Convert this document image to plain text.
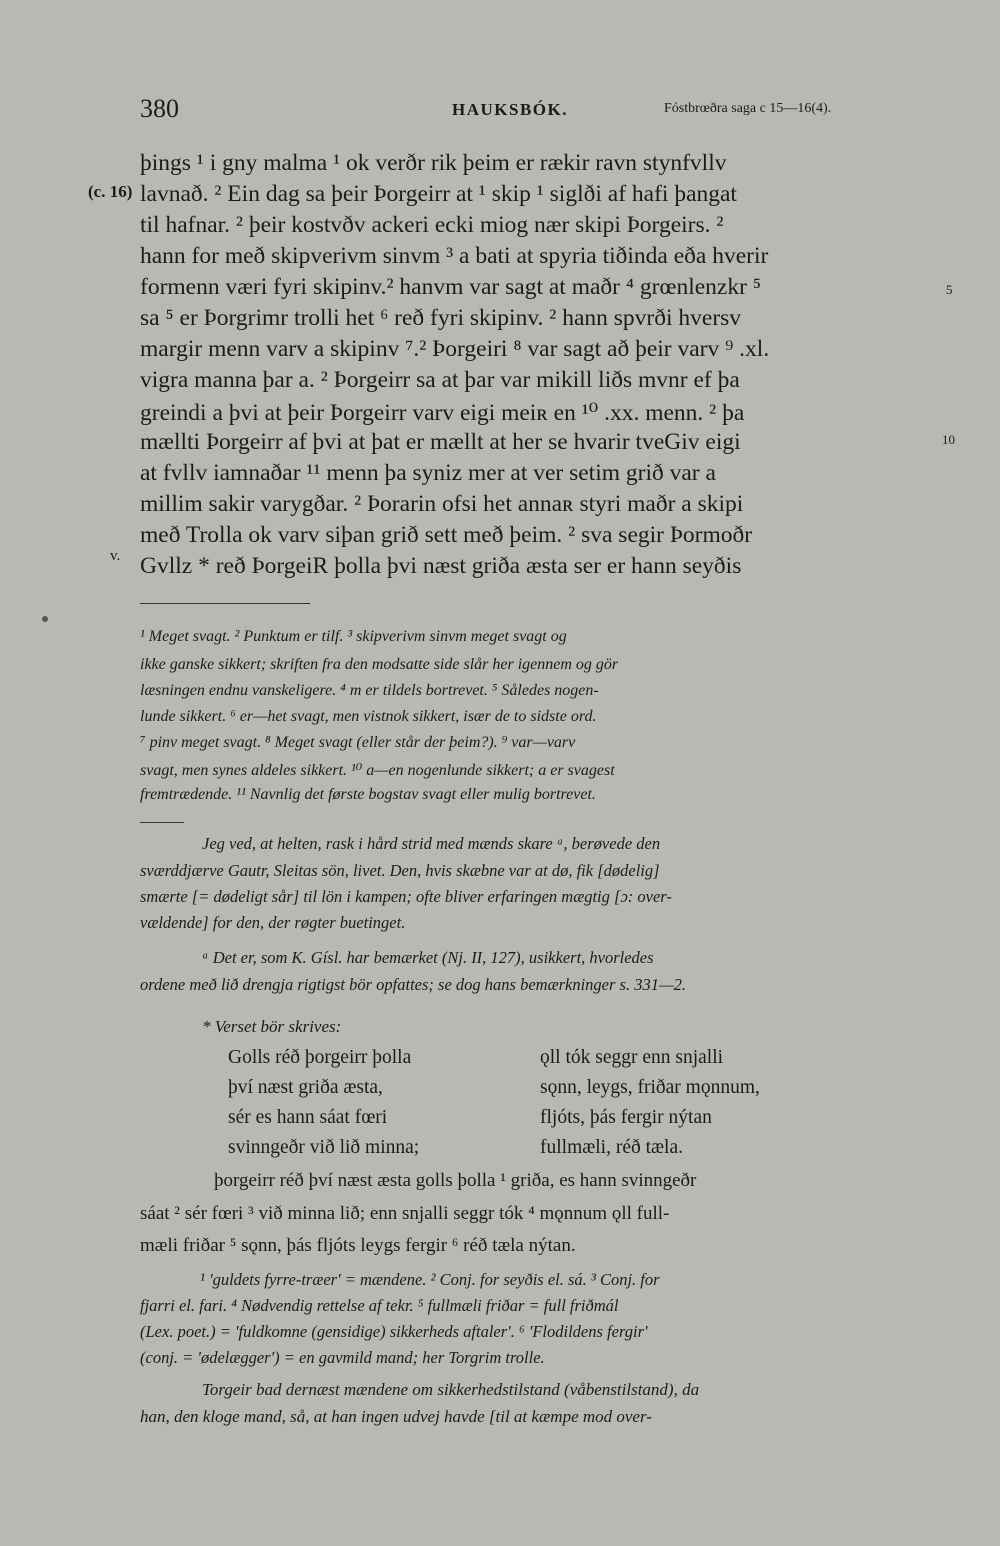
380	HAUKSBÓK.	Fóstbrœðra saga c 15—16(4).
(c. 16)
v.
5
10
þings ¹ i gny malma ¹ ok verðr rik þeim er rækir ravn stynfvllv
lavnað. ² Ein dag sa þeir Þorgeirr at ¹ skip ¹ siglði af hafi þangat
til hafnar. ² þeir kostvðv ackeri ecki miog nær skipi Þorgeirs. ²
hann for með skipverivm sinvm ³ a bati at spyria tiðinda eða hverir
formenn væri fyri skipinv.² hanvm var sagt at maðr ⁴ grœnlenzkr ⁵
sa ⁵ er Þorgrimr trolli het ⁶ reð fyri skipinv. ² hann spvrði hversv
margir menn varv a skipinv ⁷.² Þorgeiri ⁸ var sagt að þeir varv ⁹ .xl.
vigra manna þar a. ² Þorgeirr sa at þar var mikill liðs mvnr ef þa
greindi a þvi at þeir Þorgeirr varv eigi meiʀ en ¹⁰ .xx. menn. ² þa
mællti Þorgeirr af þvi at þat er mællt at her se hvarir tveGiv eigi
at fvllv iamnaðar ¹¹ menn þa syniz mer at ver setim grið var a
millim sakir varygðar. ² Þorarin ofsi het annaʀ styri maðr a skipi
með Trolla ok varv siþan grið sett með þeim. ² sva segir Þormoðr
Gvllz * reð ÞorgeiR þolla þvi næst griða æsta ser er hann seyðis
¹ Meget svagt. ² Punktum er tilf. ³ skipverivm sinvm meget svagt og
ikke ganske sikkert; skriften fra den modsatte side slår her igennem og gör
læsningen endnu vanskeligere. ⁴ m er tildels bortrevet. ⁵ Således nogen-
lunde sikkert. ⁶ er—het svagt, men vistnok sikkert, især de to sidste ord.
⁷ pinv meget svagt. ⁸ Meget svagt (eller står der þeim?). ⁹ var—varv
svagt, men synes aldeles sikkert. ¹⁰ a—en nogenlunde sikkert; a er svagest
fremtrædende. ¹¹ Navnlig det første bogstav svagt eller mulig bortrevet.
Jeg ved, at helten, rask i hård strid med mænds skare ᵃ, berøvede den
sværddjærve Gautr, Sleitas sön, livet. Den, hvis skæbne var at dø, fik [dødelig]
smærte [= dødeligt sår] til lön i kampen; ofte bliver erfaringen mægtig [ɔ: over-
vældende] for den, der røgter buetinget.
ᵃ Det er, som K. Gísl. har bemærket (Nj. II, 127), usikkert, hvorledes
ordene með lið drengja rigtigst bör opfattes; se dog hans bemærkninger s. 331—2.
* Verset bör skrives:
Golls réð þorgeirr þolla
því næst griða æsta,
sér es hann sáat fœri
svinngeðr við lið minna;
ǫll tók seggr enn snjalli
sǫnn, leygs, friðar mǫnnum,
fljóts, þás fergir nýtan
fullmæli, réð tæla.
þorgeirr réð því næst æsta golls þolla ¹ griða, es hann svinngeðr
sáat ² sér fœri ³ við minna lið; enn snjalli seggr tók ⁴ mǫnnum ǫll full-
mæli friðar ⁵ sǫnn, þás fljóts leygs fergir ⁶ réð tæla nýtan.
¹ 'guldets fyrre-træer' = mændene. ² Conj. for seyðis el. sá. ³ Conj. for
fjarri el. fari. ⁴ Nødvendig rettelse af tekr. ⁵ fullmæli friðar = full friðmál
(Lex. poet.) = 'fuldkomne (gensidige) sikkerheds aftaler'. ⁶ 'Flodildens fergir'
(conj. = 'ødelægger') = en gavmild mand; her Torgrim trolle.
Torgeir bad dernæst mændene om sikkerhedstilstand (våbenstilstand), da
han, den kloge mand, så, at han ingen udvej havde [til at kæmpe mod over-
